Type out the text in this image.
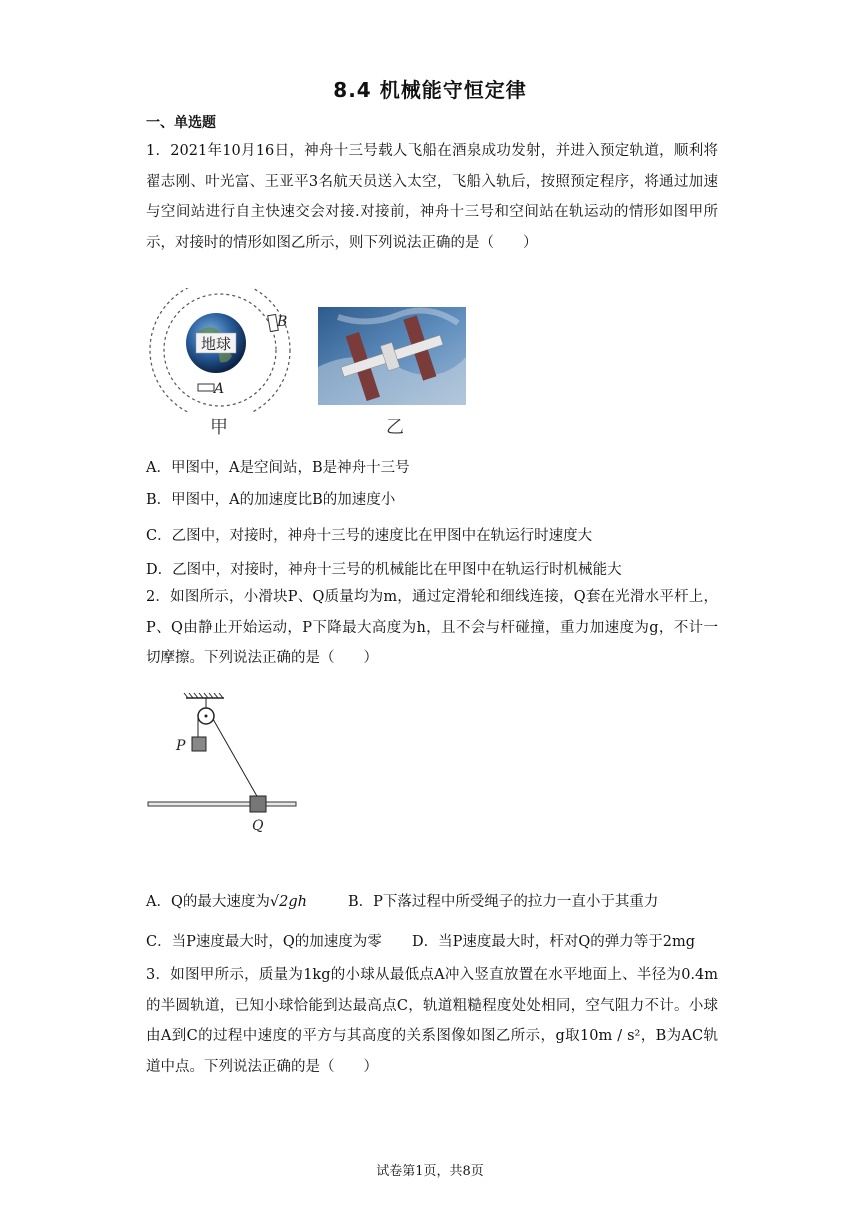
8.4 机械能守恒定律
一、单选题
1．2021年10月16日，神舟十三号载人飞船在酒泉成功发射，并进入预定轨道，顺利将翟志刚、叶光富、王亚平3名航天员送入太空，飞船入轨后，按照预定程序，将通过加速与空间站进行自主快速交会对接.对接前，神舟十三号和空间站在轨运动的情形如图甲所示，对接时的情形如图乙所示，则下列说法正确的是（　　）
地球
B
A
甲	乙
A．甲图中，A是空间站，B是神舟十三号
B．甲图中，A的加速度比B的加速度小
C．乙图中，对接时，神舟十三号的速度比在甲图中在轨运行时速度大
D．乙图中，对接时，神舟十三号的机械能比在甲图中在轨运行时机械能大
2．如图所示，小滑块P、Q质量均为m，通过定滑轮和细线连接，Q套在光滑水平杆上，P、Q由静止开始运动，P下降最大高度为h，且不会与杆碰撞，重力加速度为g，不计一切摩擦。下列说法正确的是（　　）
P
Q
A．Q的最大速度为√2gh	B．P下落过程中所受绳子的拉力一直小于其重力
C．当P速度最大时，Q的加速度为零 D．当P速度最大时，杆对Q的弹力等于2mg
3．如图甲所示，质量为1kg的小球从最低点A冲入竖直放置在水平地面上、半径为0.4m的半圆轨道，已知小球恰能到达最高点C，轨道粗糙程度处处相同，空气阻力不计。小球由A到C的过程中速度的平方与其高度的关系图像如图乙所示，g取10m / s²，B为AC轨道中点。下列说法正确的是（　　）
试卷第1页，共8页
